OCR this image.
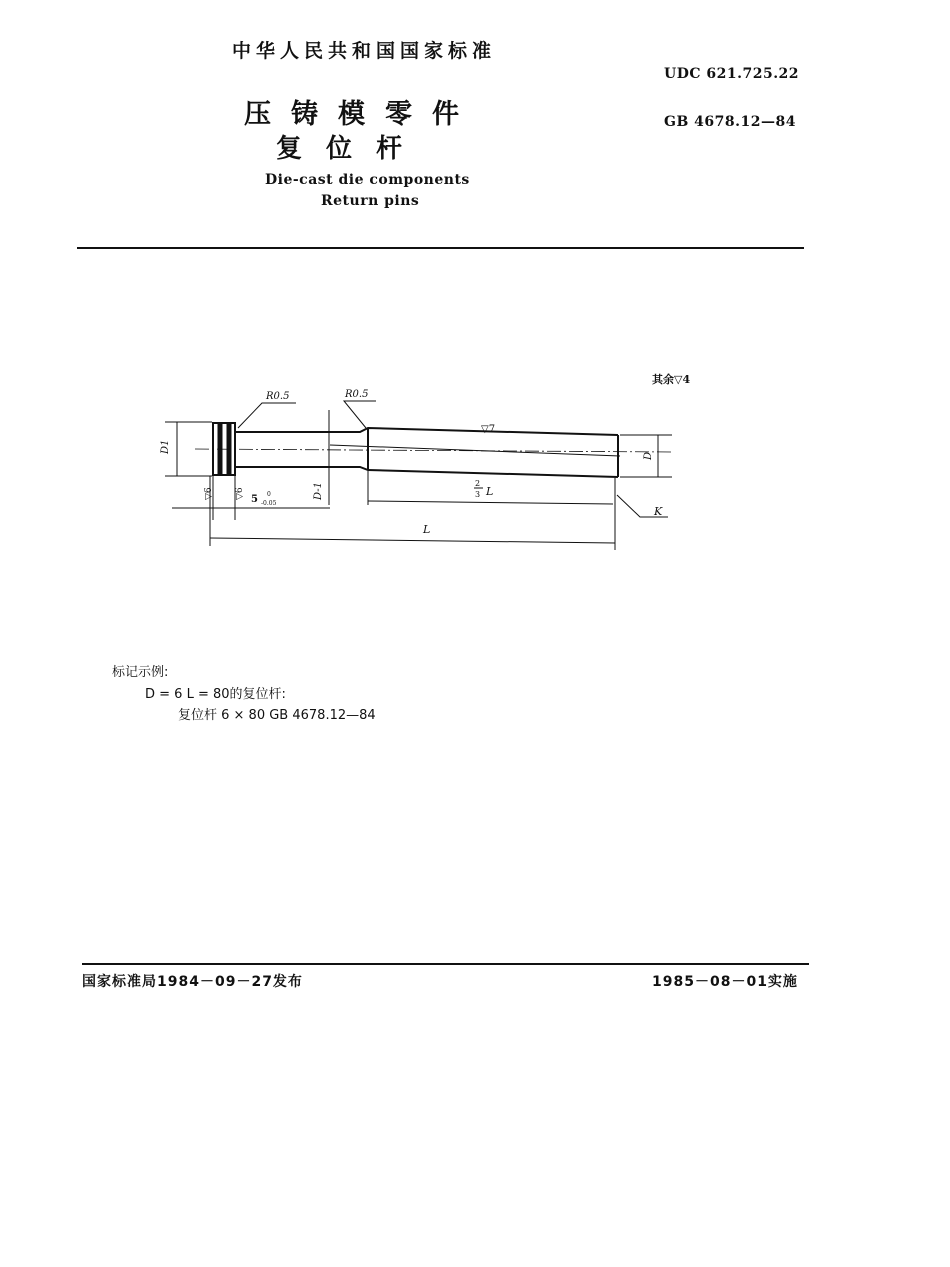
中华人民共和国国家标准
压铸模零件
复位杆
Die-cast die components
Return pins
UDC 621.725.22
GB 4678.12—84
其余▽4
R0.5	R0.5
D1
D-1
D
▽7
▽6 ▽6 5 0
-0.05
2
3 L
L
K
标记示例:
D = 6 L = 80的复位杆:
复位杆 6 × 80 GB 4678.12—84
国家标准局1984－09－27发布	1985－08－01实施
